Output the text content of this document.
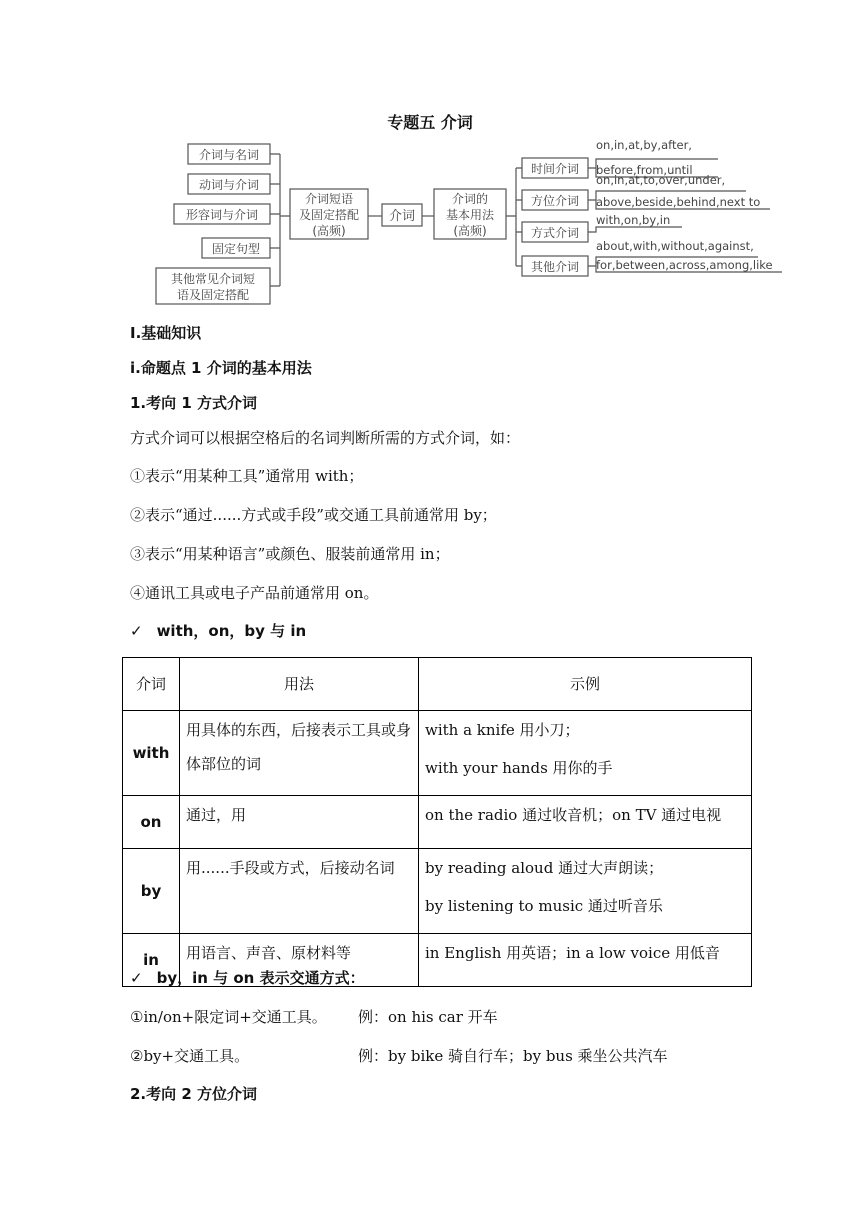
专题五 介词
介词与名词
动词与介词
形容词与介词
固定句型
其他常见介词短
语及固定搭配
介词短语
及固定搭配
(高频)
介词
介词的
基本用法
(高频)
时间介词
方位介词
方式介词
其他介词
on,in,at,by,after,
before,from,until
on,in,at,to,over,under,
above,beside,behind,next to
with,on,by,in
about,with,without,against,
for,between,across,among,like
I.基础知识
i.命题点 1 介词的基本用法
1.考向 1 方式介词
方式介词可以根据空格后的名词判断所需的方式介词，如：
①表示“用某种工具”通常用 with；
②表示“通过......方式或手段”或交通工具前通常用 by；
③表示“用某种语言”或颜色、服装前通常用 in；
④通讯工具或电子产品前通常用 on。
✓ with，on，by 与 in
介词	用法	示例
with	用具体的东西，后接表示工具或身体部位的词	with a knife 用小刀；
with your hands 用你的手

on	通过，用	on the radio 通过收音机；on TV 通过电视

by	用......手段或方式，后接动名词	by reading aloud 通过大声朗读；
by listening to music 通过听音乐

in	用语言、声音、原材料等	in English 用英语；in a low voice 用低音
✓ by，in 与 on 表示交通方式：
①in/on+限定词+交通工具。 例：on his car 开车
②by+交通工具。	例：by bike 骑自行车；by bus 乘坐公共汽车
2.考向 2 方位介词
